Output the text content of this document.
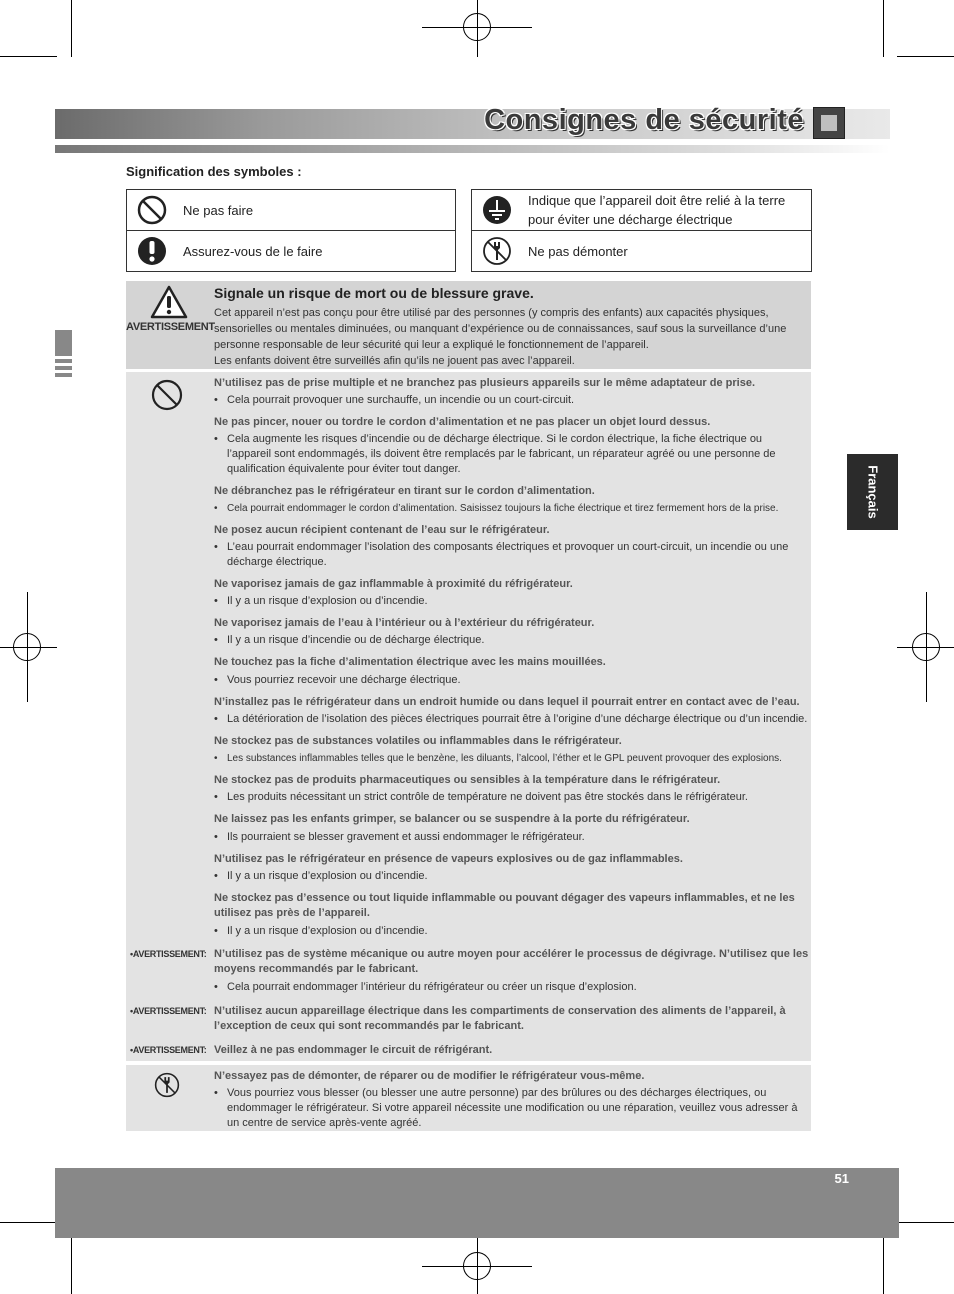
Consignes de sécurité
Français
Signification des symboles :
Ne pas faire
Assurez-vous de le faire
Indique que l’appareil doit être relié à la terre pour éviter une décharge électrique
Ne pas démonter
AVERTISSEMENT
Signale un risque de mort ou de blessure grave.
Cet appareil n’est pas conçu pour être utilisé par des personnes (y compris des enfants) aux capacités physiques, sensorielles ou mentales diminuées, ou manquant d’expérience ou de connaissances, sauf sous la surveillance d’une personne responsable de leur sécurité qui leur a expliqué le fonctionnement de l’appareil.
Les enfants doivent être surveillés afin qu’ils ne jouent pas avec l’appareil.
N’utilisez pas de prise multiple et ne branchez pas plusieurs appareils sur le même adaptateur de prise.
• Cela pourrait provoquer une surchauffe, un incendie ou un court-circuit.
Ne pas pincer, nouer ou tordre le cordon d’alimentation et ne pas placer un objet lourd dessus.
• Cela augmente les risques d’incendie ou de décharge électrique. Si le cordon électrique, la fiche électrique ou l’appareil sont endommagés, ils doivent être remplacés par le fabricant, un réparateur agréé ou une personne de qualification équivalente pour éviter tout danger.
Ne débranchez pas le réfrigérateur en tirant sur le cordon d’alimentation.
• Cela pourrait endommager le cordon d’alimentation. Saisissez toujours la fiche électrique et tirez fermement hors de la prise.
Ne posez aucun récipient contenant de l’eau sur le réfrigérateur.
• L’eau pourrait endommager l’isolation des composants électriques et provoquer un court-circuit, un incendie ou une décharge électrique.
Ne vaporisez jamais de gaz inflammable à proximité du réfrigérateur.
• Il y a un risque d’explosion ou d’incendie.
Ne vaporisez jamais de l’eau à l’intérieur ou à l’extérieur du réfrigérateur.
• Il y a un risque d’incendie ou de décharge électrique.
Ne touchez pas la fiche d’alimentation électrique avec les mains mouillées.
• Vous pourriez recevoir une décharge électrique.
N’installez pas le réfrigérateur dans un endroit humide ou dans lequel il pourrait entrer en contact avec de l’eau.
• La détérioration de l’isolation des pièces électriques pourrait être à l’origine d’une décharge électrique ou d’un incendie.
Ne stockez pas de substances volatiles ou inflammables dans le réfrigérateur.
• Les substances inflammables telles que le benzène, les diluants, l’alcool, l’éther et le GPL peuvent provoquer des explosions.
Ne stockez pas de produits pharmaceutiques ou sensibles à la température dans le réfrigérateur.
• Les produits nécessitant un strict contrôle de température ne doivent pas être stockés dans le réfrigérateur.
Ne laissez pas les enfants grimper, se balancer ou se suspendre à la porte du réfrigérateur.
• Ils pourraient se blesser gravement et aussi endommager le réfrigérateur.
N’utilisez pas le réfrigérateur en présence de vapeurs explosives ou de gaz inflammables.
• Il y a un risque d’explosion ou d’incendie.
Ne stockez pas d’essence ou tout liquide inflammable ou pouvant dégager des vapeurs inflammables, et ne les utilisez pas près de l’appareil.
• Il y a un risque d’explosion ou d’incendie.
•AVERTISSEMENT: N’utilisez pas de système mécanique ou autre moyen pour accélérer le processus de dégivrage. N’utilisez que les moyens recommandés par le fabricant.
• Cela pourrait endommager l’intérieur du réfrigérateur ou créer un risque d’explosion.
•AVERTISSEMENT: N’utilisez aucun appareillage électrique dans les compartiments de conservation des aliments de l’appareil, à l’exception de ceux qui sont recommandés par le fabricant.
•AVERTISSEMENT: Veillez à ne pas endommager le circuit de réfrigérant.
N’essayez pas de démonter, de réparer ou de modifier le réfrigérateur vous-même.
• Vous pourriez vous blesser (ou blesser une autre personne) par des brûlures ou des décharges électriques, ou endommager le réfrigérateur. Si votre appareil nécessite une modification ou une réparation, veuillez vous adresser à un centre de service après-vente agréé.
51
